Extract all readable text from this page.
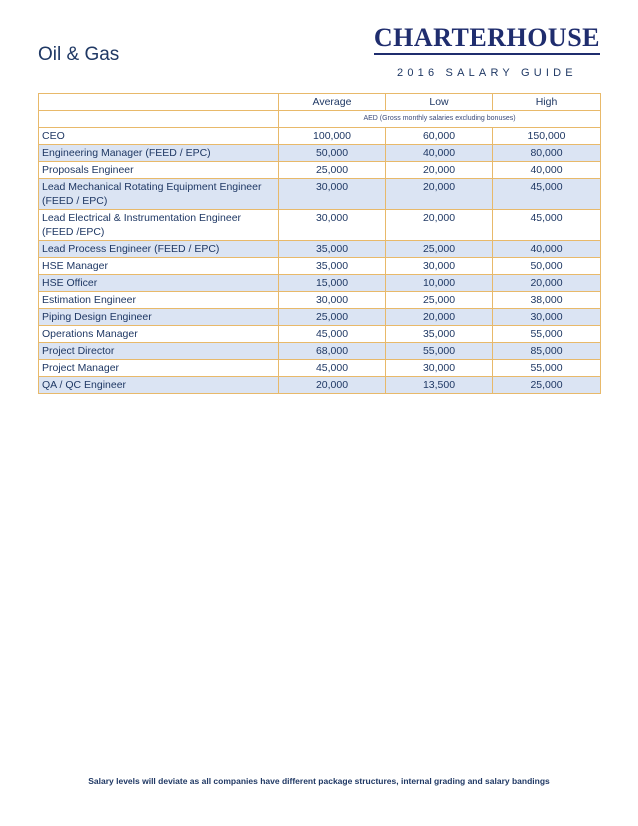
Oil & Gas
CHARTERHOUSE
2016 SALARY GUIDE
	Average	Low	High
	AED (Gross monthly salaries excluding bonuses)		
CEO	100,000	60,000	150,000
Engineering Manager (FEED / EPC)	50,000	40,000	80,000
Proposals Engineer	25,000	20,000	40,000
Lead Mechanical Rotating Equipment Engineer (FEED / EPC)	30,000	20,000	45,000
Lead Electrical & Instrumentation Engineer (FEED /EPC)	30,000	20,000	45,000
Lead Process Engineer (FEED / EPC)	35,000	25,000	40,000
HSE Manager	35,000	30,000	50,000
HSE Officer	15,000	10,000	20,000
Estimation Engineer	30,000	25,000	38,000
Piping Design Engineer	25,000	20,000	30,000
Operations Manager	45,000	35,000	55,000
Project Director	68,000	55,000	85,000
Project Manager	45,000	30,000	55,000
QA / QC Engineer	20,000	13,500	25,000
Salary levels will deviate as all companies have different package structures, internal grading and salary bandings
